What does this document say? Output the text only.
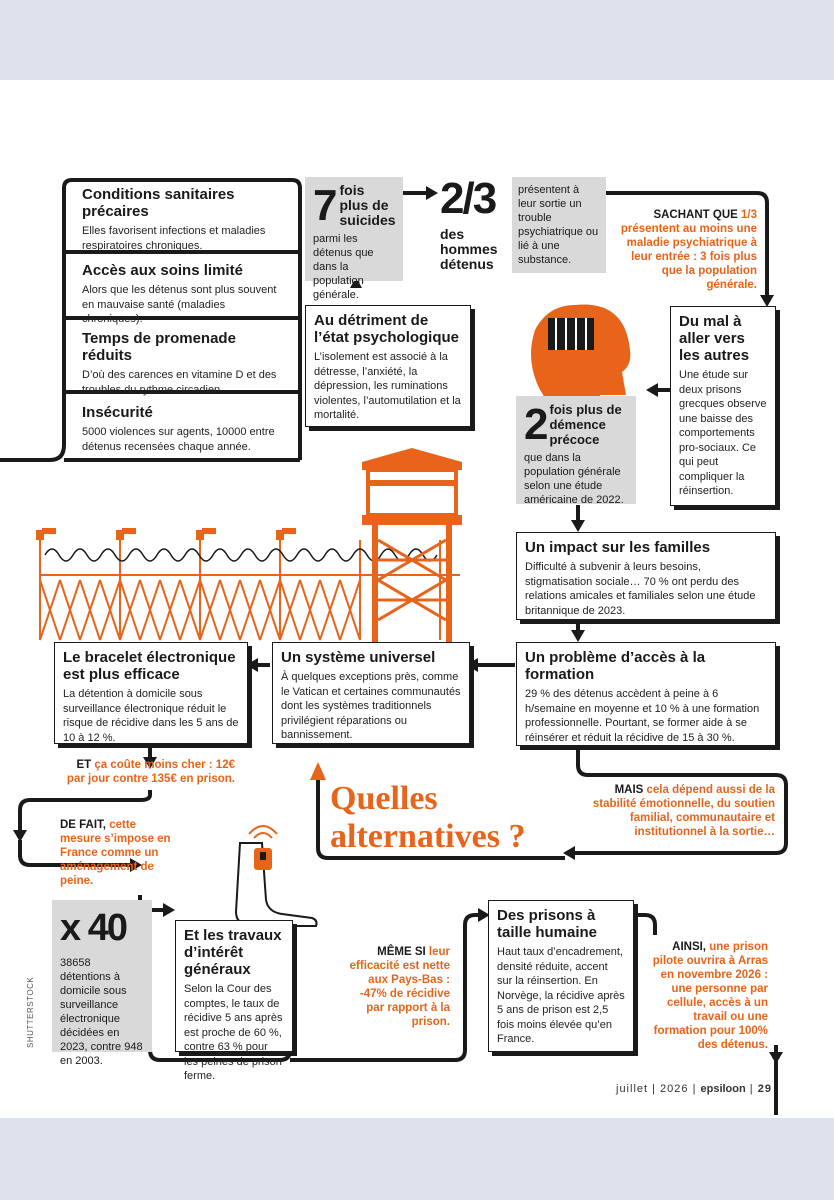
Conditions sanitaires précaires

Elles favorisent infections et maladies respiratoires chroniques.

Accès aux soins limité

Alors que les détenus sont plus souvent en mauvaise santé (maladies chroniques).

Temps de promenade réduits

D’où des carences en vitamine D et des troubles du rythme circadien.

Insécurité

5000 violences sur agents, 10000 entre détenus recensées chaque année.

7 fois plus de suicides

parmi les détenus que dans la population générale.

2/3
des hommes détenus

présentent à leur sortie un trouble psychiatrique ou lié à une substance.

Au détriment de l’état psychologique

L’isolement est associé à la détresse, l’anxiété, la dépression, les ruminations violentes, l’automutilation et la mortalité.

SACHANT QUE 1/3 présentent au moins une maladie psychiatrique à leur entrée : 3 fois plus que la population générale.
Du mal à aller vers les autres

Une étude sur deux prisons grecques observe une baisse des comportements pro-sociaux. Ce qui peut compliquer la réinsertion.

2 fois plus de démence précoce

que dans la population générale selon une étude américaine de 2022.

Un impact sur les familles

Difficulté à subvenir à leurs besoins, stigmatisation sociale… 70 % ont perdu des relations amicales et familiales selon une étude britannique de 2023.

Un problème d’accès à la formation

29 % des détenus accèdent à peine à 6 h/semaine en moyenne et 10 % à une formation professionnelle. Pourtant, se former aide à se réinsérer et réduit la récidive de 15 à 30 %.

MAIS cela dépend aussi de la stabilité émotionnelle, du soutien familial, communautaire et institutionnel à la sortie…
Quelles
alternatives ?
Un système universel

À quelques exceptions près, comme le Vatican et certaines communautés dont les systèmes traditionnels privilégient réparations ou bannissement.

Le bracelet électronique est plus efficace

La détention à domicile sous surveillance électronique réduit le risque de récidive dans les 5 ans de 10 à 12 %.

ET ça coûte moins cher : 12€ par jour contre 135€ en prison.
DE FAIT, cette mesure s’impose en France comme un aménagement de peine.
x 40

38658 détentions à domicile sous surveillance électronique décidées en 2023, contre 948 en 2003.

Et les travaux d’intérêt généraux

Selon la Cour des comptes, le taux de récidive 5 ans après est proche de 60 %, contre 63 % pour les peines de prison ferme.

MÊME SI leur efficacité est nette aux Pays-Bas : -47% de récidive par rapport à la prison.
Des prisons à taille humaine

Haut taux d’encadrement, densité réduite, accent sur la réinsertion. En Norvège, la récidive après 5 ans de prison est 2,5 fois moins élevée qu’en France.

AINSI, une prison pilote ouvrira à Arras en novembre 2026 : une personne par cellule, accès à un travail ou une formation pour 100% des détenus.
SHUTTERSTOCK
juillet | 2026 | epsiloon | 29
